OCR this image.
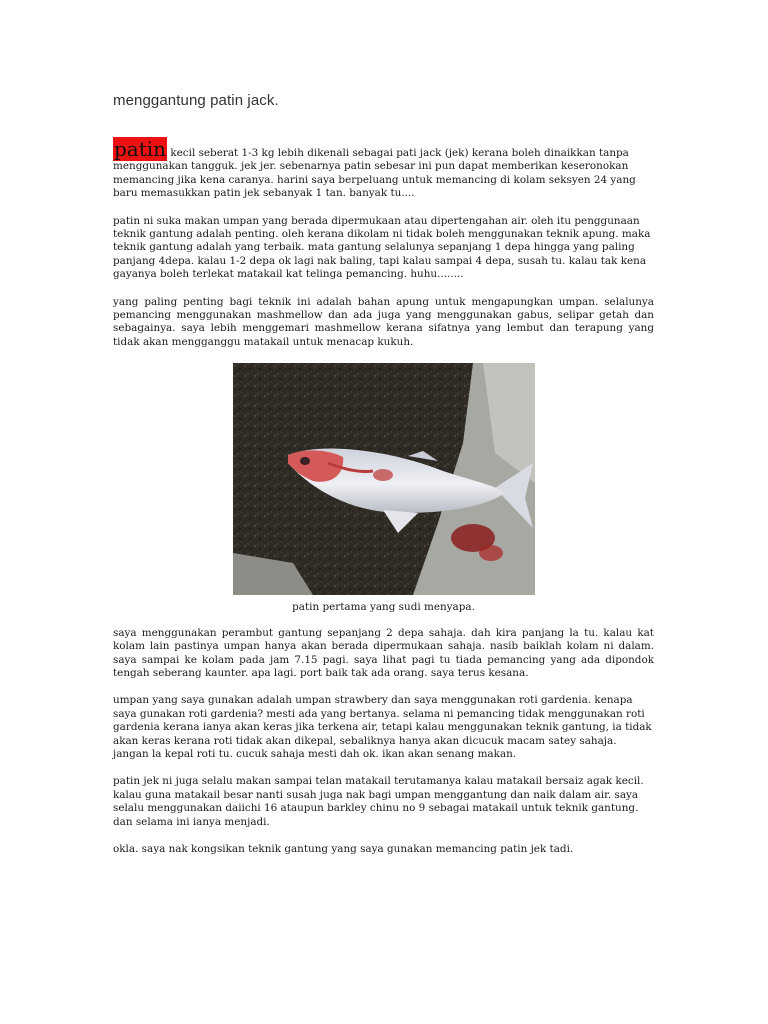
menggantung patin jack.

patin kecil seberat 1-3 kg lebih dikenali sebagai pati jack (jek) kerana boleh dinaikkan tanpa menggunakan tangguk. jek jer. sebenarnya patin sebesar ini pun dapat memberikan keseronokan memancing jika kena caranya. harini saya berpeluang untuk memancing di kolam seksyen 24 yang baru memasukkan patin jek sebanyak 1 tan. banyak tu....

patin ni suka makan umpan yang berada dipermukaan atau dipertengahan air. oleh itu penggunaan teknik gantung adalah penting. oleh kerana dikolam ni tidak boleh menggunakan teknik apung. maka teknik gantung adalah yang terbaik. mata gantung selalunya sepanjang 1 depa hingga yang paling panjang 4depa. kalau 1-2 depa ok lagi nak baling, tapi kalau sampai 4 depa, susah tu. kalau tak kena gayanya boleh terlekat matakail kat telinga pemancing. huhu........

yang paling penting bagi teknik ini adalah bahan apung untuk mengapungkan umpan. selalunya pemancing menggunakan mashmellow dan ada juga yang menggunakan gabus, selipar getah dan sebagainya. saya lebih menggemari mashmellow kerana sifatnya yang lembut dan terapung yang tidak akan mengganggu matakail untuk menacap kukuh.

patin pertama yang sudi menyapa.

saya menggunakan perambut gantung sepanjang 2 depa sahaja. dah kira panjang la tu. kalau kat kolam lain pastinya umpan hanya akan berada dipermukaan sahaja. nasib baiklah kolam ni dalam. saya sampai ke kolam pada jam 7.15 pagi. saya lihat pagi tu tiada pemancing yang ada dipondok tengah seberang kaunter. apa lagi. port baik tak ada orang. saya terus kesana.

umpan yang saya gunakan adalah umpan strawbery dan saya menggunakan roti gardenia. kenapa saya gunakan roti gardenia? mesti ada yang bertanya. selama ni pemancing tidak menggunakan roti gardenia kerana ianya akan keras jika terkena air, tetapi kalau menggunakan teknik gantung, ia tidak akan keras kerana roti tidak akan dikepal, sebaliknya hanya akan dicucuk macam satey sahaja. jangan la kepal roti tu. cucuk sahaja mesti dah ok. ikan akan senang makan.

patin jek ni juga selalu makan sampai telan matakail terutamanya kalau matakail bersaiz agak kecil. kalau guna matakail besar nanti susah juga nak bagi umpan menggantung dan naik dalam air. saya selalu menggunakan daiichi 16 ataupun barkley chinu no 9 sebagai matakail untuk teknik gantung. dan selama ini ianya menjadi.

okla. saya nak kongsikan teknik gantung yang saya gunakan memancing patin jek tadi.
